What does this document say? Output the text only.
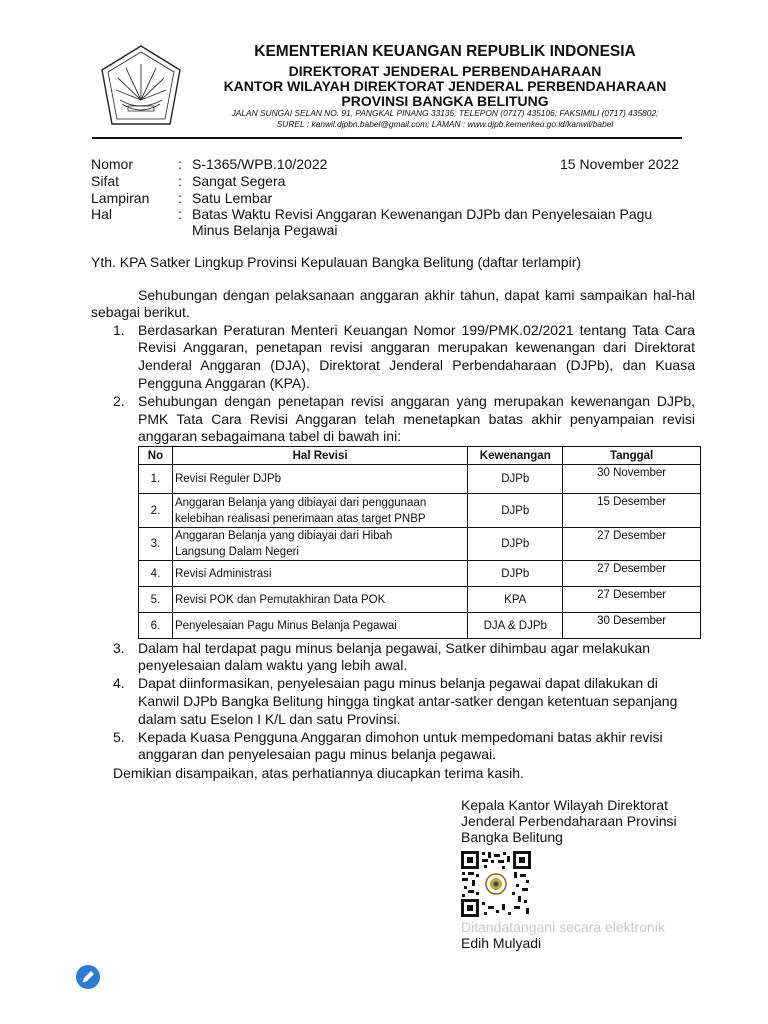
KEMENTERIAN KEUANGAN REPUBLIK INDONESIA
DIREKTORAT JENDERAL PERBENDAHARAAN
KANTOR WILAYAH DIREKTORAT JENDERAL PERBENDAHARAAN
PROVINSI BANGKA BELITUNG
JALAN SUNGAI SELAN NO. 91, PANGKAL PINANG 33135; TELEPON (0717) 435106; FAKSIMILI (0717) 435802;
SUREL : kanwil.djpbn.babel@gmail.com; LAMAN : www.djpb.kemenkeu.go.id/kanwil/babel
Nomor	: S-1365/WPB.10/2022	15 November 2022
Sifat	: Sangat Segera
Lampiran : Satu Lembar
Hal	: Batas Waktu Revisi Anggaran Kewenangan DJPb dan Penyelesaian Pagu
Minus Belanja Pegawai
Yth. KPA Satker Lingkup Provinsi Kepulauan Bangka Belitung (daftar terlampir)
Sehubungan dengan pelaksanaan anggaran akhir tahun, dapat kami sampaikan hal-hal
sebagai berikut.
1. Berdasarkan Peraturan Menteri Keuangan Nomor 199/PMK.02/2021 tentang Tata Cara
Revisi Anggaran, penetapan revisi anggaran merupakan kewenangan dari Direktorat
Jenderal Anggaran (DJA), Direktorat Jenderal Perbendaharaan (DJPb), dan Kuasa
Pengguna Anggaran (KPA).
2. Sehubungan dengan penetapan revisi anggaran yang merupakan kewenangan DJPb,
PMK Tata Cara Revisi Anggaran telah menetapkan batas akhir penyampaian revisi
anggaran sebagaimana tabel di bawah ini:
No	Hal Revisi	Kewenangan	Tanggal
1.	Revisi Reguler DJPb	DJPb	30 November
2.	Anggaran Belanja yang dibiayai dari penggunaan
kelebihan realisasi penerimaan atas target PNBP	DJPb	15 Desember
3.	Anggaran Belanja yang dibiayai dari Hibah
Langsung Dalam Negeri	DJPb	27 Desember
4.	Revisi Administrasi	DJPb	27 Desember
5.	Revisi POK dan Pemutakhiran Data POK	KPA	27 Desember
6.	Penyelesaian Pagu Minus Belanja Pegawai	DJA & DJPb	30 Desember
3. Dalam hal terdapat pagu minus belanja pegawai, Satker dihimbau agar melakukan
penyelesaian dalam waktu yang lebih awal.
4. Dapat diinformasikan, penyelesaian pagu minus belanja pegawai dapat dilakukan di
Kanwil DJPb Bangka Belitung hingga tingkat antar-satker dengan ketentuan sepanjang
dalam satu Eselon I K/L dan satu Provinsi.
5. Kepada Kuasa Pengguna Anggaran dimohon untuk mempedomani batas akhir revisi
anggaran dan penyelesaian pagu minus belanja pegawai.
Demikian disampaikan, atas perhatiannya diucapkan terima kasih.
Kepala Kantor Wilayah Direktorat
Jenderal Perbendaharaan Provinsi
Bangka Belitung
Ditandatangani secara elektronik
Edih Mulyadi
